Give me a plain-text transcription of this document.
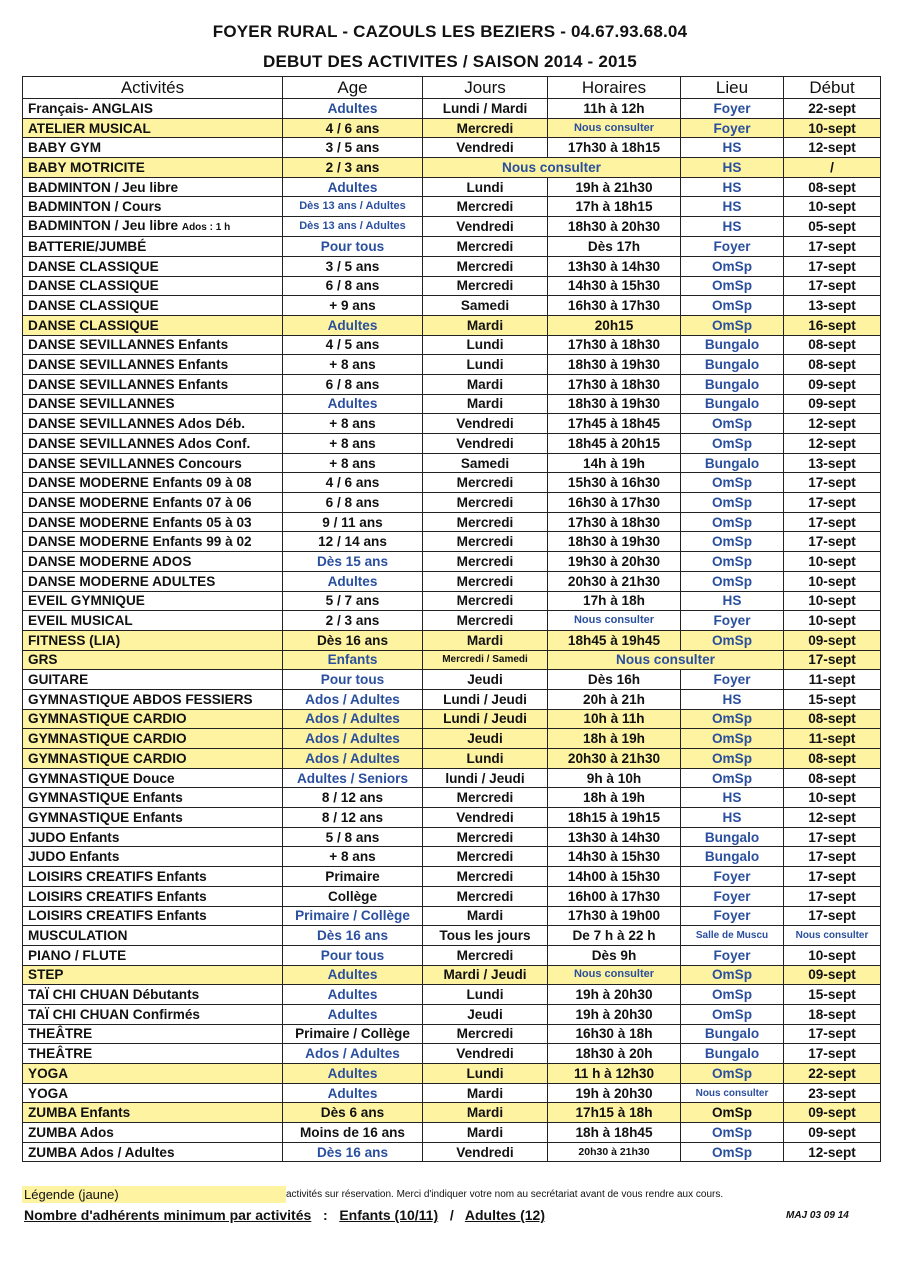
FOYER RURAL - CAZOULS LES BEZIERS - 04.67.93.68.04
DEBUT DES ACTIVITES / SAISON 2014 - 2015
Activités	Age	Jours	Horaires	Lieu	Début
Français- ANGLAIS	Adultes	Lundi / Mardi	11h à 12h	Foyer	22-sept
ATELIER MUSICAL	4 / 6 ans	Mercredi	Nous consulter	Foyer	10-sept
BABY GYM	3 / 5 ans	Vendredi	17h30 à 18h15	HS	12-sept
BABY MOTRICITE	2 / 3 ans	Nous consulter		HS	/
BADMINTON / Jeu libre	Adultes	Lundi	19h à 21h30	HS	08-sept
BADMINTON / Cours	Dès 13 ans / Adultes	Mercredi	17h à 18h15	HS	10-sept
BADMINTON / Jeu libre Ados : 1 h	Dès 13 ans / Adultes	Vendredi	18h30 à 20h30	HS	05-sept
BATTERIE/JUMBÉ	Pour tous	Mercredi	Dès 17h	Foyer	17-sept
DANSE CLASSIQUE	3 / 5 ans	Mercredi	13h30 à 14h30	OmSp	17-sept
DANSE CLASSIQUE	6 / 8 ans	Mercredi	14h30 à 15h30	OmSp	17-sept
DANSE CLASSIQUE	+ 9 ans	Samedi	16h30 à 17h30	OmSp	13-sept
DANSE CLASSIQUE	Adultes	Mardi	20h15	OmSp	16-sept
DANSE SEVILLANNES Enfants	4 / 5 ans	Lundi	17h30 à 18h30	Bungalo	08-sept
DANSE SEVILLANNES Enfants	+ 8 ans	Lundi	18h30 à 19h30	Bungalo	08-sept
DANSE SEVILLANNES Enfants	6 / 8 ans	Mardi	17h30 à 18h30	Bungalo	09-sept
DANSE SEVILLANNES	Adultes	Mardi	18h30 à 19h30	Bungalo	09-sept
DANSE SEVILLANNES Ados Déb.	+ 8 ans	Vendredi	17h45 à 18h45	OmSp	12-sept
DANSE SEVILLANNES Ados Conf.	+ 8 ans	Vendredi	18h45 à 20h15	OmSp	12-sept
DANSE SEVILLANNES Concours	+ 8 ans	Samedi	14h à 19h	Bungalo	13-sept
DANSE MODERNE Enfants 09 à 08	4 / 6 ans	Mercredi	15h30 à 16h30	OmSp	17-sept
DANSE MODERNE Enfants 07 à 06	6 / 8 ans	Mercredi	16h30 à 17h30	OmSp	17-sept
DANSE MODERNE Enfants 05 à 03	9 / 11 ans	Mercredi	17h30 à 18h30	OmSp	17-sept
DANSE MODERNE Enfants 99 à 02	12 / 14 ans	Mercredi	18h30 à 19h30	OmSp	17-sept
DANSE MODERNE ADOS	Dès 15 ans	Mercredi	19h30 à 20h30	OmSp	10-sept
DANSE MODERNE ADULTES	Adultes	Mercredi	20h30 à 21h30	OmSp	10-sept
EVEIL GYMNIQUE	5 / 7 ans	Mercredi	17h à 18h	HS	10-sept
EVEIL MUSICAL	2 / 3 ans	Mercredi	Nous consulter	Foyer	10-sept
FITNESS (LIA)	Dès 16 ans	Mardi	18h45 à 19h45	OmSp	09-sept
GRS	Enfants	Mercredi / Samedi	Nous consulter		17-sept
GUITARE	Pour tous	Jeudi	Dès 16h	Foyer	11-sept
GYMNASTIQUE ABDOS FESSIERS	Ados / Adultes	Lundi / Jeudi	20h à 21h	HS	15-sept
GYMNASTIQUE CARDIO	Ados / Adultes	Lundi / Jeudi	10h à 11h	OmSp	08-sept
GYMNASTIQUE CARDIO	Ados / Adultes	Jeudi	18h à 19h	OmSp	11-sept
GYMNASTIQUE CARDIO	Ados / Adultes	Lundi	20h30 à 21h30	OmSp	08-sept
GYMNASTIQUE Douce	Adultes / Seniors	lundi / Jeudi	9h à 10h	OmSp	08-sept
GYMNASTIQUE Enfants	8 / 12 ans	Mercredi	18h à 19h	HS	10-sept
GYMNASTIQUE Enfants	8 / 12 ans	Vendredi	18h15 à 19h15	HS	12-sept
JUDO Enfants	5 / 8 ans	Mercredi	13h30 à 14h30	Bungalo	17-sept
JUDO Enfants	+ 8 ans	Mercredi	14h30 à 15h30	Bungalo	17-sept
LOISIRS CREATIFS Enfants	Primaire	Mercredi	14h00 à 15h30	Foyer	17-sept
LOISIRS CREATIFS Enfants	Collège	Mercredi	16h00 à 17h30	Foyer	17-sept
LOISIRS CREATIFS Enfants	Primaire / Collège	Mardi	17h30 à 19h00	Foyer	17-sept
MUSCULATION	Dès 16 ans	Tous les jours	De 7 h à 22 h	Salle de Muscu	Nous consulter
PIANO / FLUTE	Pour tous	Mercredi	Dès 9h	Foyer	10-sept
STEP	Adultes	Mardi / Jeudi	Nous consulter	OmSp	09-sept
TAÏ CHI CHUAN Débutants	Adultes	Lundi	19h à 20h30	OmSp	15-sept
TAÏ CHI CHUAN Confirmés	Adultes	Jeudi	19h à 20h30	OmSp	18-sept
THEÂTRE	Primaire / Collège	Mercredi	16h30 à 18h	Bungalo	17-sept
THEÂTRE	Ados / Adultes	Vendredi	18h30 à 20h	Bungalo	17-sept
YOGA	Adultes	Lundi	11 h à 12h30	OmSp	22-sept
YOGA	Adultes	Mardi	19h à 20h30	Nous consulter	23-sept
ZUMBA Enfants	Dès 6 ans	Mardi	17h15 à 18h	OmSp	09-sept
ZUMBA Ados	Moins de 16 ans	Mardi	18h à 18h45	OmSp	09-sept
ZUMBA Ados / Adultes	Dès 16 ans	Vendredi	20h30 à 21h30	OmSp	12-sept
Légende (jaune)	activités sur réservation. Merci d'indiquer votre nom au secrétariat avant de vous rendre aux cours.
Nombre d'adhérents minimum par activités : Enfants (10/11) / Adultes (12)	MAJ 03 09 14
